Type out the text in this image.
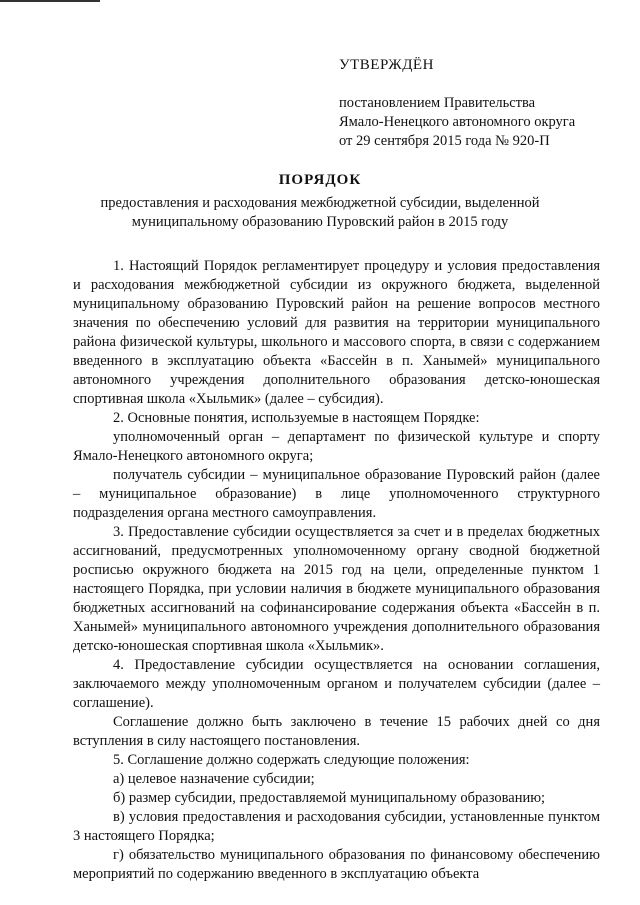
УТВЕРЖДЁН
постановлением Правительства
Ямало-Ненецкого автономного округа
от 29 сентября 2015 года № 920-П
ПОРЯДОК
предоставления и расходования межбюджетной субсидии, выделенной
муниципальному образованию Пуровский район в 2015 году

1. Настоящий Порядок регламентирует процедуру и условия предоставления и расходования межбюджетной субсидии из окружного бюджета, выделенной муниципальному образованию Пуровский район на решение вопросов местного значения по обеспечению условий для развития на территории муниципального района физической культуры, школьного и массового спорта, в связи с содержанием введенного в эксплуатацию объекта «Бассейн в п. Ханымей» муниципального автономного учреждения дополнительного образования детско-юношеская спортивная школа «Хыльмик» (далее – субсидия).

2. Основные понятия, используемые в настоящем Порядке:

уполномоченный орган – департамент по физической культуре и спорту Ямало-Ненецкого автономного округа;

получатель субсидии – муниципальное образование Пуровский район (далее – муниципальное образование) в лице уполномоченного структурного подразделения органа местного самоуправления.

3. Предоставление субсидии осуществляется за счет и в пределах бюджетных ассигнований, предусмотренных уполномоченному органу сводной бюджетной росписью окружного бюджета на 2015 год на цели, определенные пунктом 1 настоящего Порядка, при условии наличия в бюджете муниципального образования бюджетных ассигнований на софинансирование содержания объекта «Бассейн в п. Ханымей» муниципального автономного учреждения дополнительного образования детско-юношеская спортивная школа «Хыльмик».

4. Предоставление субсидии осуществляется на основании соглашения, заключаемого между уполномоченным органом и получателем субсидии (далее – соглашение).

Соглашение должно быть заключено в течение 15 рабочих дней со дня вступления в силу настоящего постановления.

5. Соглашение должно содержать следующие положения:

а) целевое назначение субсидии;

б) размер субсидии, предоставляемой муниципальному образованию;

в) условия предоставления и расходования субсидии, установленные пунктом 3 настоящего Порядка;

г) обязательство муниципального образования по финансовому обеспечению мероприятий по содержанию введенного в эксплуатацию объекта
